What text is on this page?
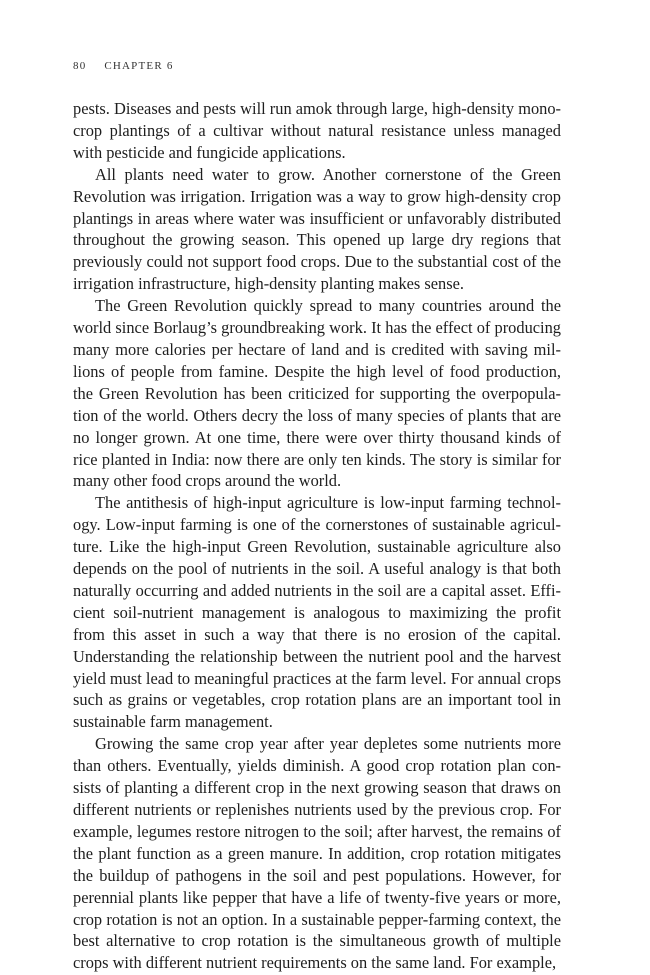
80 CHAPTER 6

pests. Diseases and pests will run amok through large, high-density monocrop plantings of a cultivar without natural resistance unless managed with pesticide and fungicide applications.

All plants need water to grow. Another cornerstone of the Green Revolution was irrigation. Irrigation was a way to grow high-density crop plantings in areas where water was insufficient or unfavorably distributed throughout the growing season. This opened up large dry regions that previously could not support food crops. Due to the substantial cost of the irrigation infrastructure, high-density planting makes sense.

The Green Revolution quickly spread to many countries around the world since Borlaug’s groundbreaking work. It has the effect of producing many more calories per hectare of land and is credited with saving millions of people from famine. Despite the high level of food production, the Green Revolution has been criticized for supporting the overpopulation of the world. Others decry the loss of many species of plants that are no longer grown. At one time, there were over thirty thousand kinds of rice planted in India: now there are only ten kinds. The story is similar for many other food crops around the world.

The antithesis of high-input agriculture is low-input farming technology. Low-input farming is one of the cornerstones of sustainable agriculture. Like the high-input Green Revolution, sustainable agriculture also depends on the pool of nutrients in the soil. A useful analogy is that both naturally occurring and added nutrients in the soil are a capital asset. Efficient soil-nutrient management is analogous to maximizing the profit from this asset in such a way that there is no erosion of the capital. Understanding the relationship between the nutrient pool and the harvest yield must lead to meaningful practices at the farm level. For annual crops such as grains or vegetables, crop rotation plans are an important tool in sustainable farm management.

Growing the same crop year after year depletes some nutrients more than others. Eventually, yields diminish. A good crop rotation plan consists of planting a different crop in the next growing season that draws on different nutrients or replenishes nutrients used by the previous crop. For example, legumes restore nitrogen to the soil; after harvest, the remains of the plant function as a green manure. In addition, crop rotation mitigates the buildup of pathogens in the soil and pest populations. However, for perennial plants like pepper that have a life of twenty-five years or more, crop rotation is not an option. In a sustainable pepper-farming context, the best alternative to crop rotation is the simultaneous growth of multiple crops with different nutrient requirements on the same land. For example,
